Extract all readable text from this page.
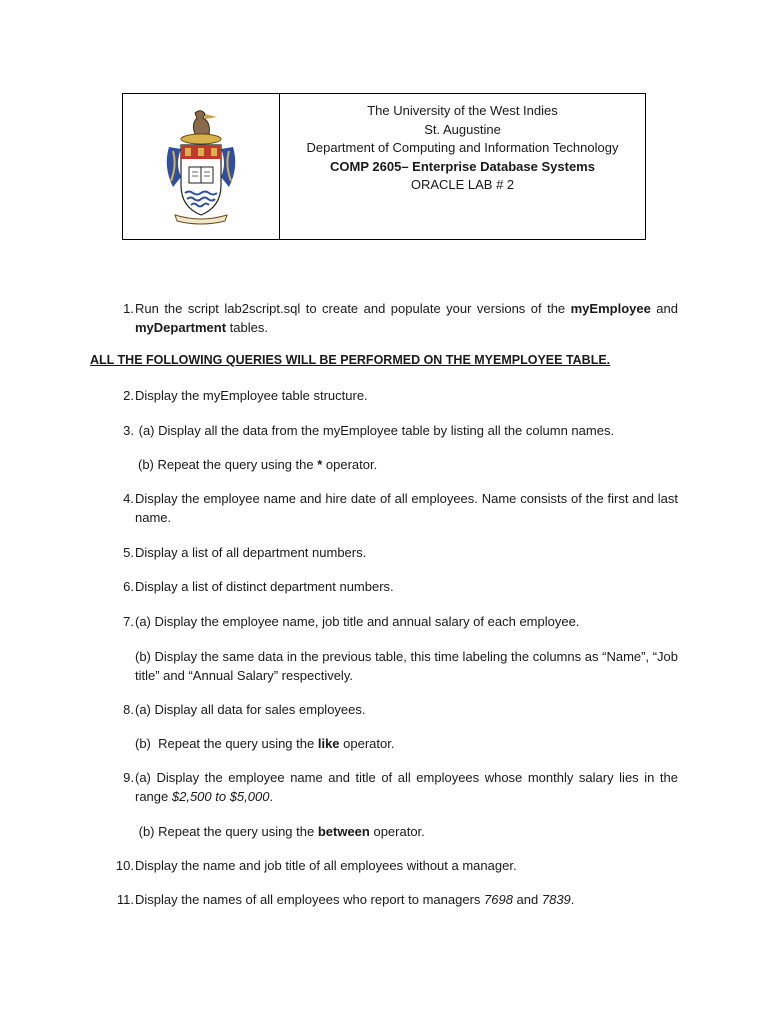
The University of the West Indies
St. Augustine
Department of Computing and Information Technology
COMP 2605– Enterprise Database Systems
ORACLE LAB # 2
1. Run the script lab2script.sql to create and populate your versions of the myEmployee and myDepartment tables.
ALL THE FOLLOWING QUERIES WILL BE PERFORMED ON THE MYEMPLOYEE TABLE.
2. Display the myEmployee table structure.
3. (a) Display all the data from the myEmployee table by listing all the column names.
(b) Repeat the query using the * operator.
4. Display the employee name and hire date of all employees. Name consists of the first and last name.
5. Display a list of all department numbers.
6. Display a list of distinct department numbers.
7. (a) Display the employee name, job title and annual salary of each employee.
(b) Display the same data in the previous table, this time labeling the columns as “Name”, “Job title” and “Annual Salary” respectively.
8. (a) Display all data for sales employees.
(b)  Repeat the query using the like operator.
9. (a) Display the employee name and title of all employees whose monthly salary lies in the range $2,500 to $5,000.
(b) Repeat the query using the between operator.
10. Display the name and job title of all employees without a manager.
11. Display the names of all employees who report to managers 7698 and 7839.
